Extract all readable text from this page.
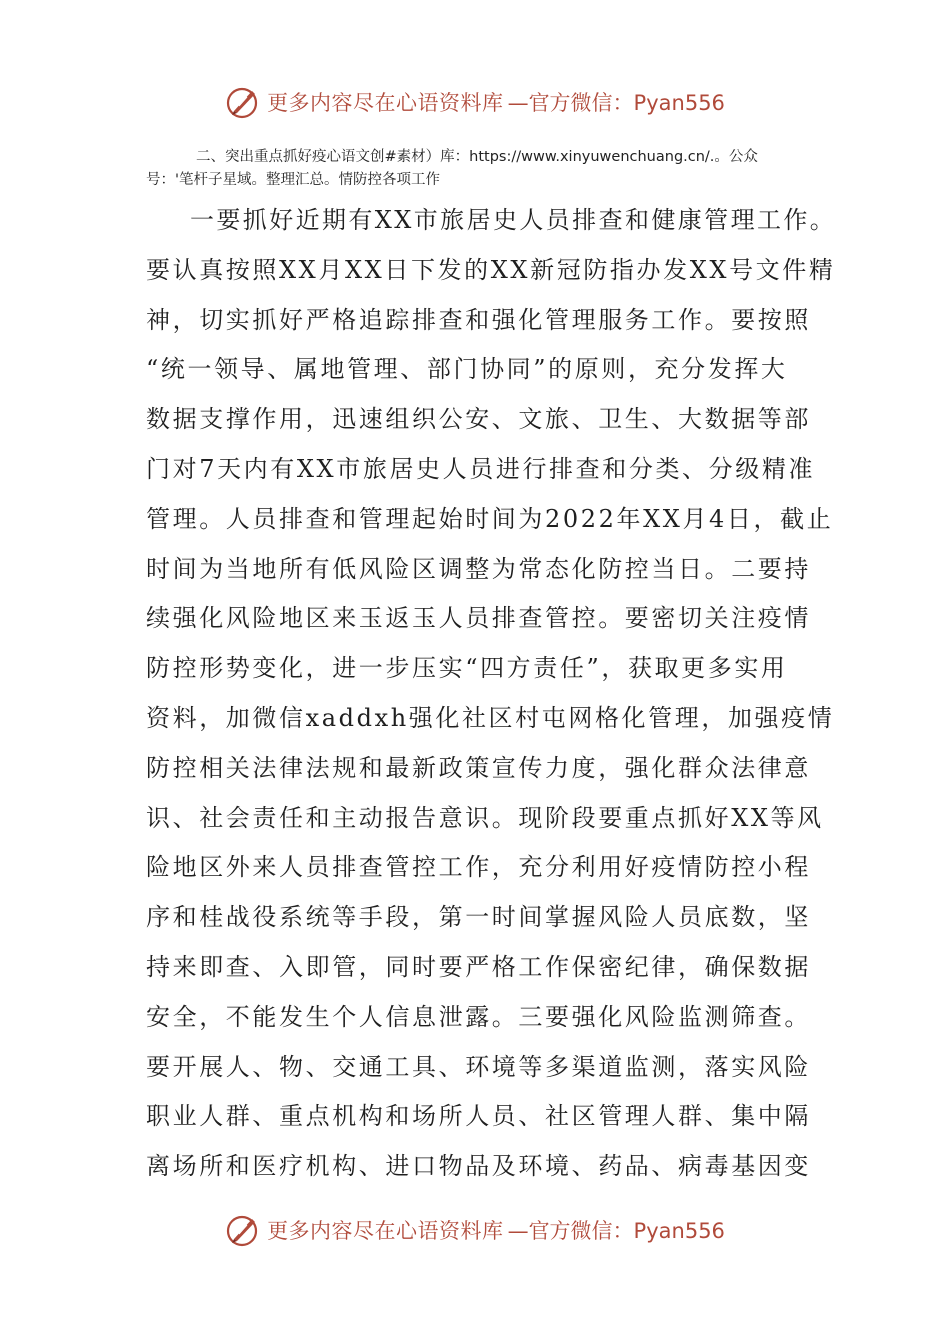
更多内容尽在心语资料库 —官方微信：Pyan556
二、突出重点抓好疫心语文创#素材）库：https://www.xinyuwenchuang.cn/.。公众
号：'笔杆子星域。整理汇总。情防控各项工作
一要抓好近期有XX市旅居史人员排查和健康管理工作。
要认真按照XX月XX日下发的XX新冠防指办发XX号文件精
神，切实抓好严格追踪排查和强化管理服务工作。要按照
“统一领导、属地管理、部门协同”的原则，充分发挥大
数据支撑作用，迅速组织公安、文旅、卫生、大数据等部
门对7天内有XX市旅居史人员进行排查和分类、分级精准
管理。人员排查和管理起始时间为2022年XX月4日，截止
时间为当地所有低风险区调整为常态化防控当日。二要持
续强化风险地区来玉返玉人员排查管控。要密切关注疫情
防控形势变化，进一步压实“四方责任”，获取更多实用
资料，加微信xaddxh强化社区村屯网格化管理，加强疫情
防控相关法律法规和最新政策宣传力度，强化群众法律意
识、社会责任和主动报告意识。现阶段要重点抓好XX等风
险地区外来人员排查管控工作，充分利用好疫情防控小程
序和桂战役系统等手段，第一时间掌握风险人员底数，坚
持来即查、入即管，同时要严格工作保密纪律，确保数据
安全，不能发生个人信息泄露。三要强化风险监测筛查。
要开展人、物、交通工具、环境等多渠道监测，落实风险
职业人群、重点机构和场所人员、社区管理人群、集中隔
离场所和医疗机构、进口物品及环境、药品、病毒基因变
更多内容尽在心语资料库 —官方微信：Pyan556
